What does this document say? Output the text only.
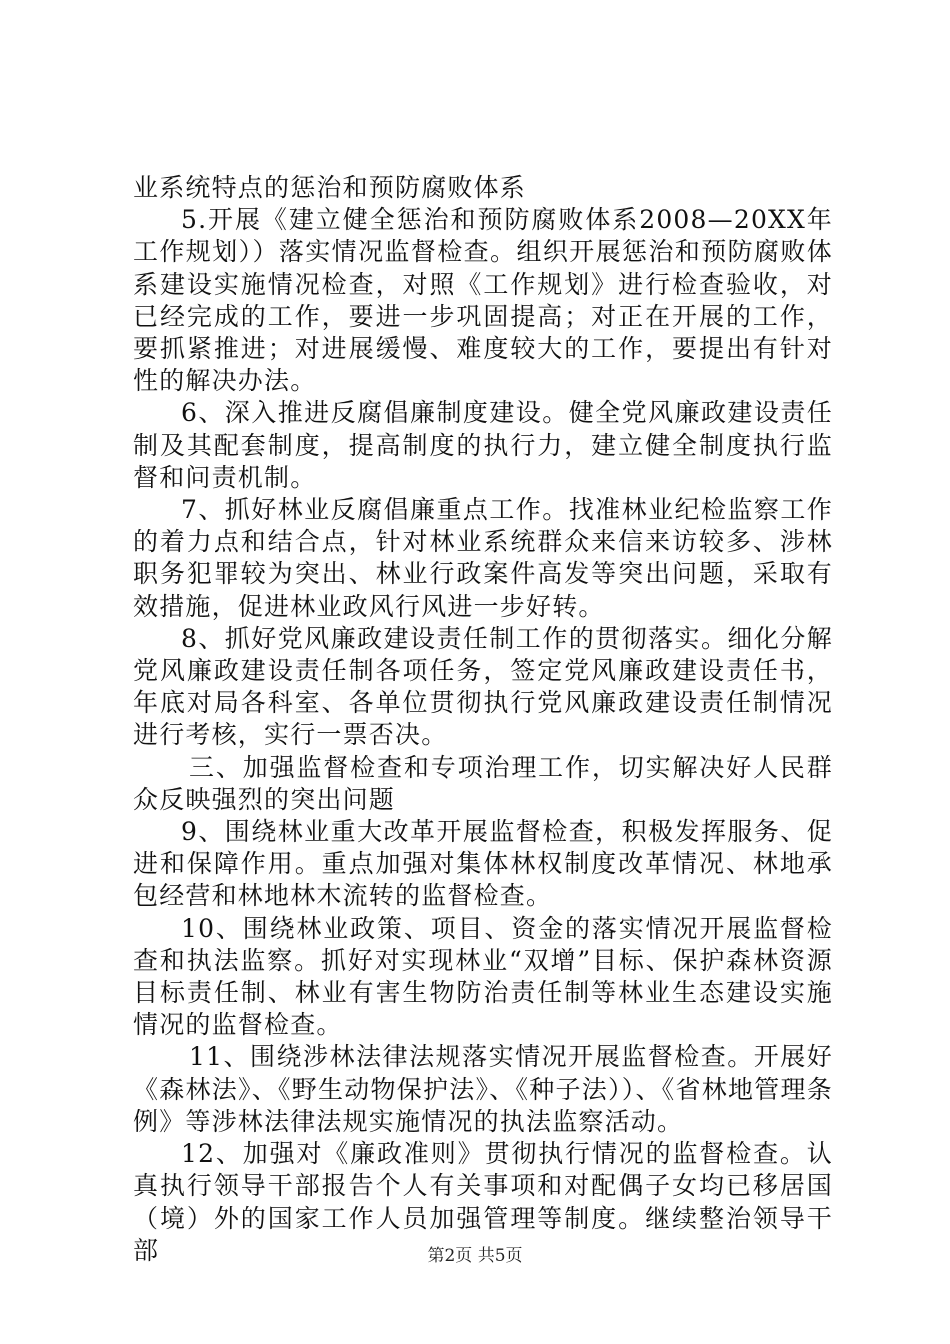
业系统特点的惩治和预防腐败体系

5.开展《建立健全惩治和预防腐败体系2008—20XX年工作规划））落实情况监督检查。组织开展惩治和预防腐败体系建设实施情况检查，对照《工作规划》进行检查验收，对已经完成的工作，要进一步巩固提高；对正在开展的工作，要抓紧推进；对进展缓慢、难度较大的工作，要提出有针对性的解决办法。

6、深入推进反腐倡廉制度建设。健全党风廉政建设责任制及其配套制度，提高制度的执行力，建立健全制度执行监督和问责机制。

7、抓好林业反腐倡廉重点工作。找准林业纪检监察工作的着力点和结合点，针对林业系统群众来信来访较多、涉林职务犯罪较为突出、林业行政案件高发等突出问题，采取有效措施，促进林业政风行风进一步好转。

8、抓好党风廉政建设责任制工作的贯彻落实。细化分解党风廉政建设责任制各项任务，签定党风廉政建设责任书，年底对局各科室、各单位贯彻执行党风廉政建设责任制情况进行考核，实行一票否决。

三、加强监督检查和专项治理工作，切实解决好人民群众反映强烈的突出问题

9、围绕林业重大改革开展监督检查，积极发挥服务、促进和保障作用。重点加强对集体林权制度改革情况、林地承包经营和林地林木流转的监督检查。

10、围绕林业政策、项目、资金的落实情况开展监督检查和执法监察。抓好对实现林业“双增”目标、保护森林资源目标责任制、林业有害生物防治责任制等林业生态建设实施情况的监督检查。

11、围绕涉林法律法规落实情况开展监督检查。开展好《森林法》、《野生动物保护法》、《种子法））、《省林地管理条例》等涉林法律法规实施情况的执法监察活动。

12、加强对《廉政准则》贯彻执行情况的监督检查。认真执行领导干部报告个人有关事项和对配偶子女均已移居国（境）外的国家工作人员加强管理等制度。继续整治领导干部	第2页 共5页
